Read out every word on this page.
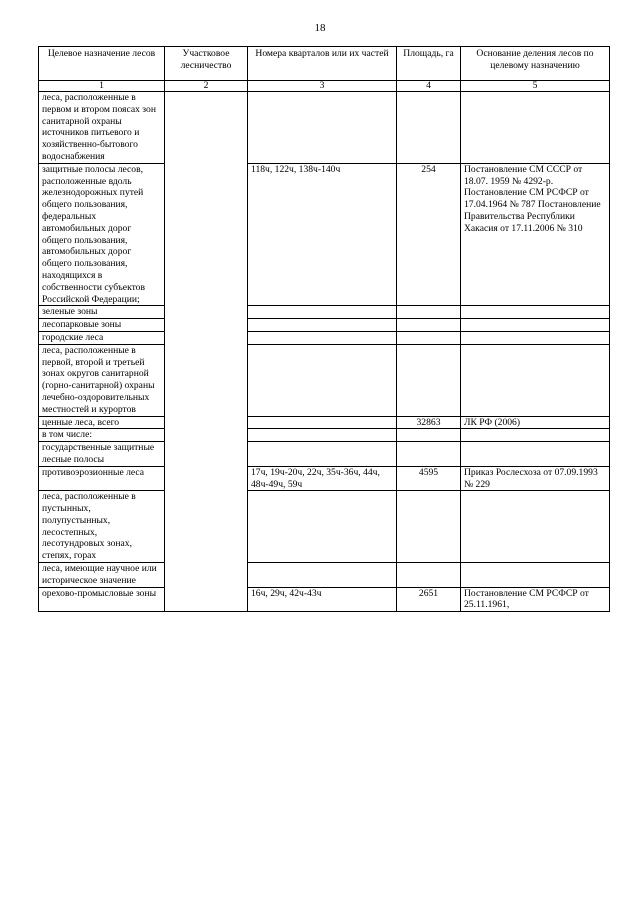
18
Целевое назначение лесов	Участковое лесничество	Номера кварталов или их частей	Площадь, га	Основание деления лесов по целевому назначению
1	2	3	4	5
леса, расположенные в первом и втором поясах зон санитарной охраны источников питьевого и хозяйственно-бытового водоснабжения				
защитные полосы лесов, расположенные вдоль железнодорожных путей общего пользования, федеральных автомобильных дорог общего пользования, автомобильных дорог общего пользования, находящихся в собственности субъектов Российской Федерации;		118ч, 122ч, 138ч-140ч	254	Постановление СМ СССР от 18.07. 1959 № 4292-р. Постановление СМ РСФСР от 17.04.1964 № 787 Постановление Правительства Республики Хакасия от 17.11.2006 № 310
зеленые зоны				
лесопарковые зоны				
городские леса				
леса, расположенные в первой, второй и третьей зонах округов санитарной (горно-санитарной) охраны лечебно-оздоровительных местностей и курортов				
ценные леса, всего			32863	ЛК РФ (2006)
в том числе:				
государственные защитные лесные полосы				
противоэрозионные леса		17ч, 19ч-20ч, 22ч, 35ч-36ч, 44ч, 48ч-49ч, 59ч	4595	Приказ Рослесхоза от 07.09.1993 № 229
леса, расположенные в пустынных, полупустынных, лесостепных, лесотундровых зонах, степях, горах				
леса, имеющие научное или историческое значение				
орехово-промысловые зоны		16ч, 29ч, 42ч-43ч	2651	Постановление СМ РСФСР от 25.11.1961,
